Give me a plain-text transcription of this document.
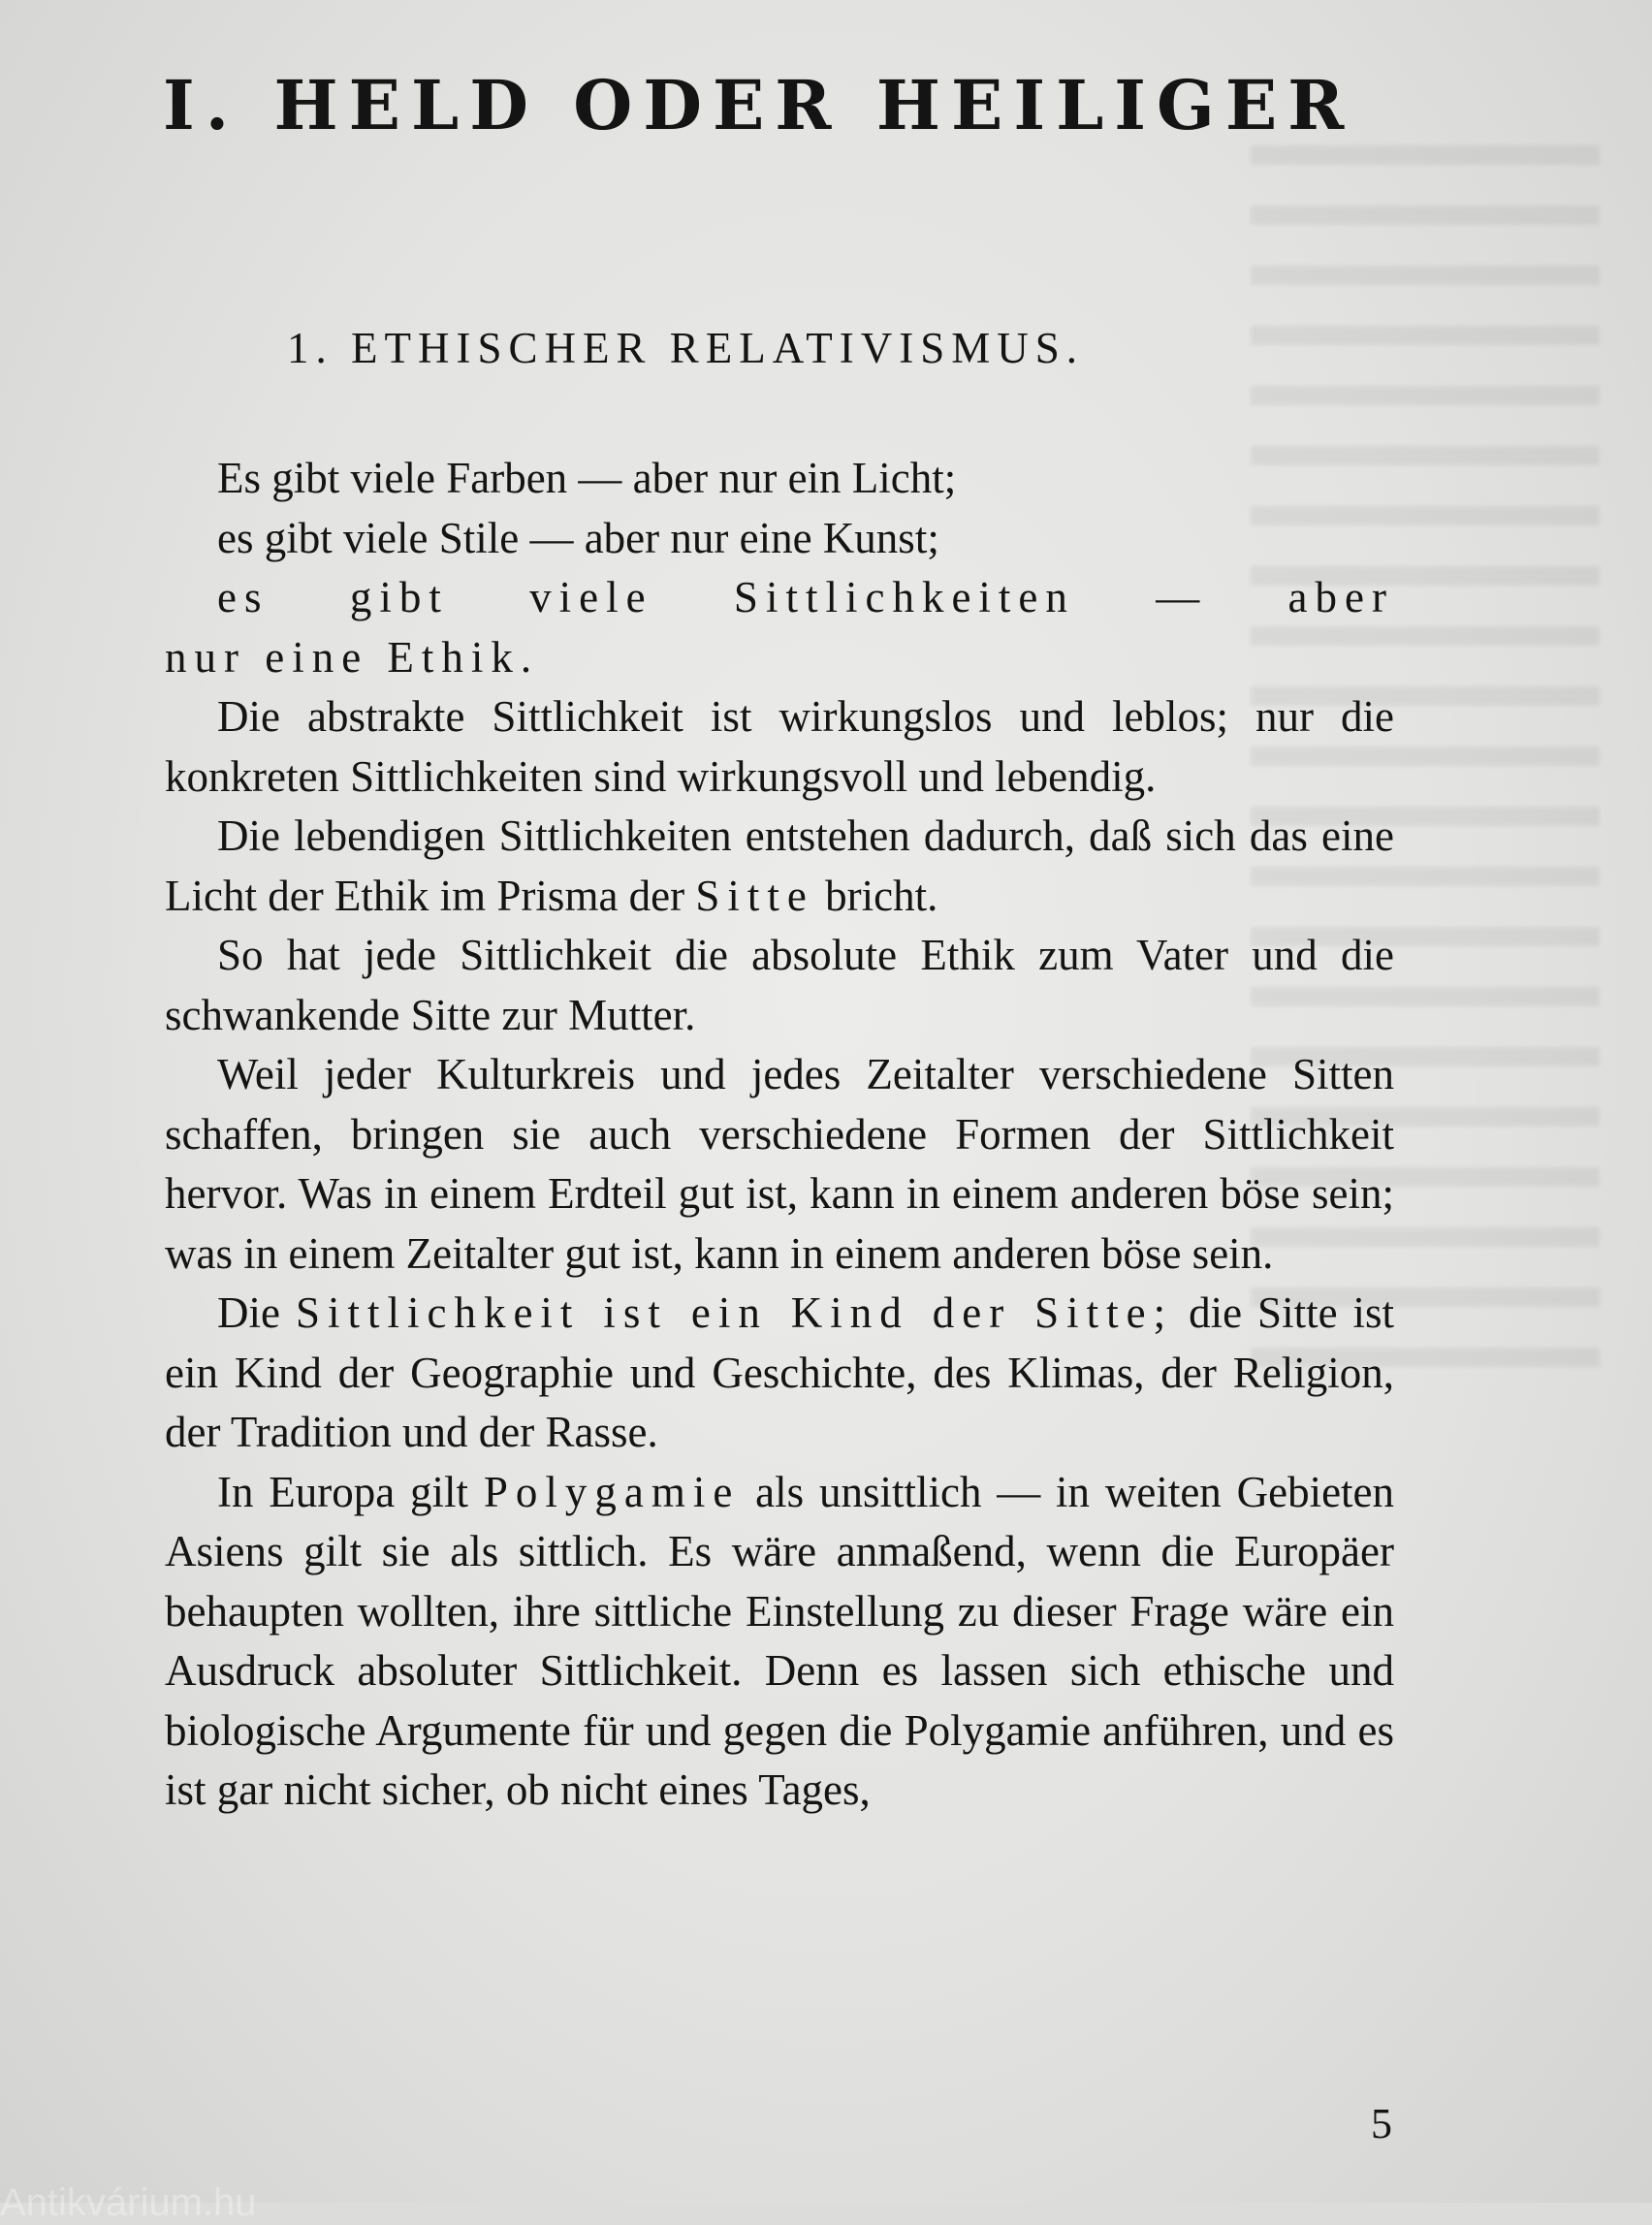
I. HELD ODER HEILIGER
1. ETHISCHER RELATIVISMUS.

Es gibt viele Farben — aber nur ein Licht;
es gibt viele Stile — aber nur eine Kunst;
es gibt viele Sittlichkeiten — aber
nur eine Ethik.

Die abstrakte Sittlichkeit ist wirkungslos und leblos; nur die konkreten Sittlichkeiten sind wirkungsvoll und lebendig.

Die lebendigen Sittlichkeiten entstehen dadurch, daß sich das eine Licht der Ethik im Prisma der Sitte bricht.

So hat jede Sittlichkeit die absolute Ethik zum Vater und die schwankende Sitte zur Mutter.

Weil jeder Kulturkreis und jedes Zeitalter verschiedene Sitten schaffen, bringen sie auch verschiedene Formen der Sittlichkeit hervor. Was in einem Erdteil gut ist, kann in einem anderen böse sein; was in einem Zeitalter gut ist, kann in einem anderen böse sein.

Die Sittlichkeit ist ein Kind der Sitte; die Sitte ist ein Kind der Geographie und Geschichte, des Klimas, der Religion, der Tradition und der Rasse.

In Europa gilt Polygamie als unsittlich — in weiten Gebieten Asiens gilt sie als sittlich. Es wäre anmaßend, wenn die Europäer behaupten wollten, ihre sittliche Einstellung zu dieser Frage wäre ein Ausdruck absoluter Sittlichkeit. Denn es lassen sich ethische und biologische Argumente für und gegen die Polygamie anführen, und es ist gar nicht sicher, ob nicht eines Tages,

5
Antikvárium.hu
